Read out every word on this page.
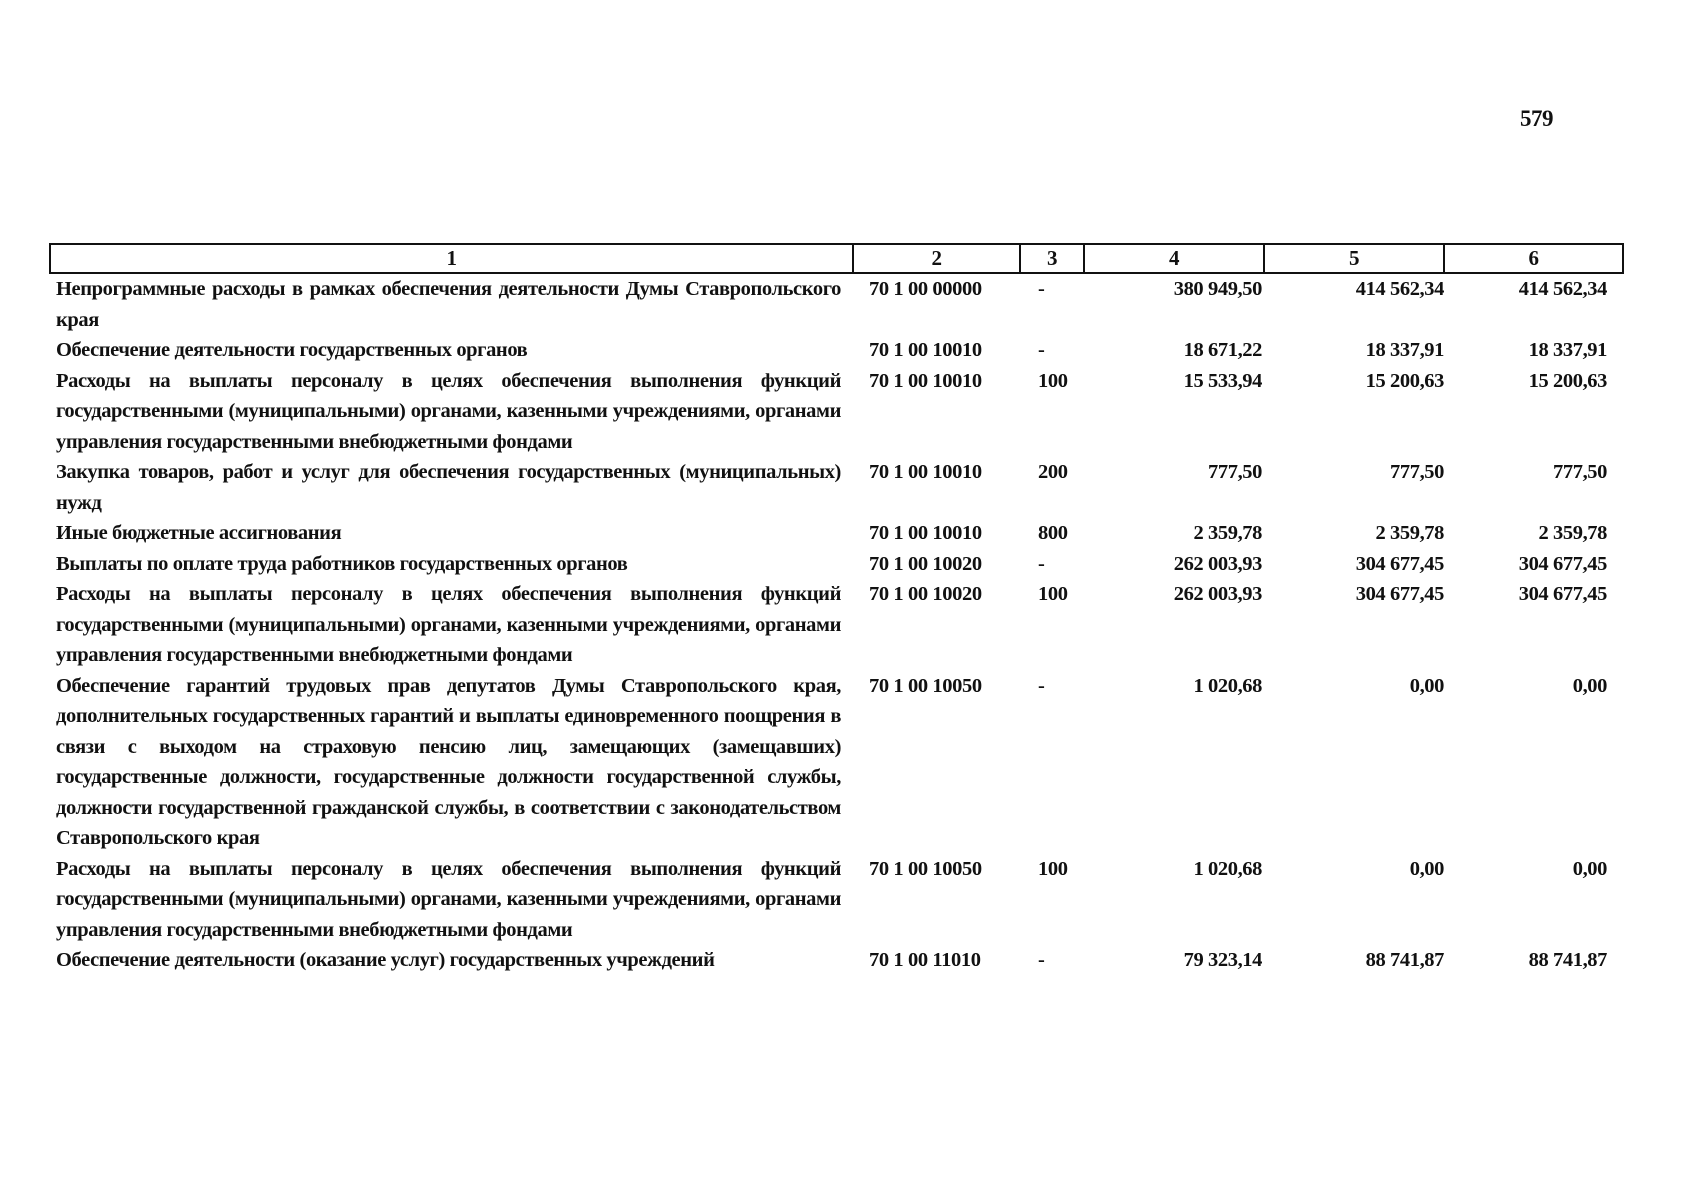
579
1	2	3	4	5	6
Непрограммные расходы в рамках обеспечения деятельности Думы Ставропольского края	70 1 00 00000	-	380 949,50	414 562,34	414 562,34
Обеспечение деятельности государственных органов	70 1 00 10010	-	18 671,22	18 337,91	18 337,91
Расходы на выплаты персоналу в целях обеспечения выполнения функций государственными (муниципальными) органами, казенными учреждениями, органами управления государственными внебюджетными фондами	70 1 00 10010	100	15 533,94	15 200,63	15 200,63
Закупка товаров, работ и услуг для обеспечения государственных (муниципальных) нужд	70 1 00 10010	200	777,50	777,50	777,50
Иные бюджетные ассигнования	70 1 00 10010	800	2 359,78	2 359,78	2 359,78
Выплаты по оплате труда работников государственных органов	70 1 00 10020	-	262 003,93	304 677,45	304 677,45
Расходы на выплаты персоналу в целях обеспечения выполнения функций государственными (муниципальными) органами, казенными учреждениями, органами управления государственными внебюджетными фондами	70 1 00 10020	100	262 003,93	304 677,45	304 677,45
Обеспечение гарантий трудовых прав депутатов Думы Ставропольского края, дополнительных государственных гарантий и выплаты единовременного поощрения в связи с выходом на страховую пенсию лиц, замещающих (замещавших) государственные должности, государственные должности государственной службы, должности государственной гражданской службы, в соответствии с законодательством Ставропольского края	70 1 00 10050	-	1 020,68	0,00	0,00
Расходы на выплаты персоналу в целях обеспечения выполнения функций государственными (муниципальными) органами, казенными учреждениями, органами управления государственными внебюджетными фондами	70 1 00 10050	100	1 020,68	0,00	0,00
Обеспечение деятельности (оказание услуг) государственных учреждений	70 1 00 11010	-	79 323,14	88 741,87	88 741,87
